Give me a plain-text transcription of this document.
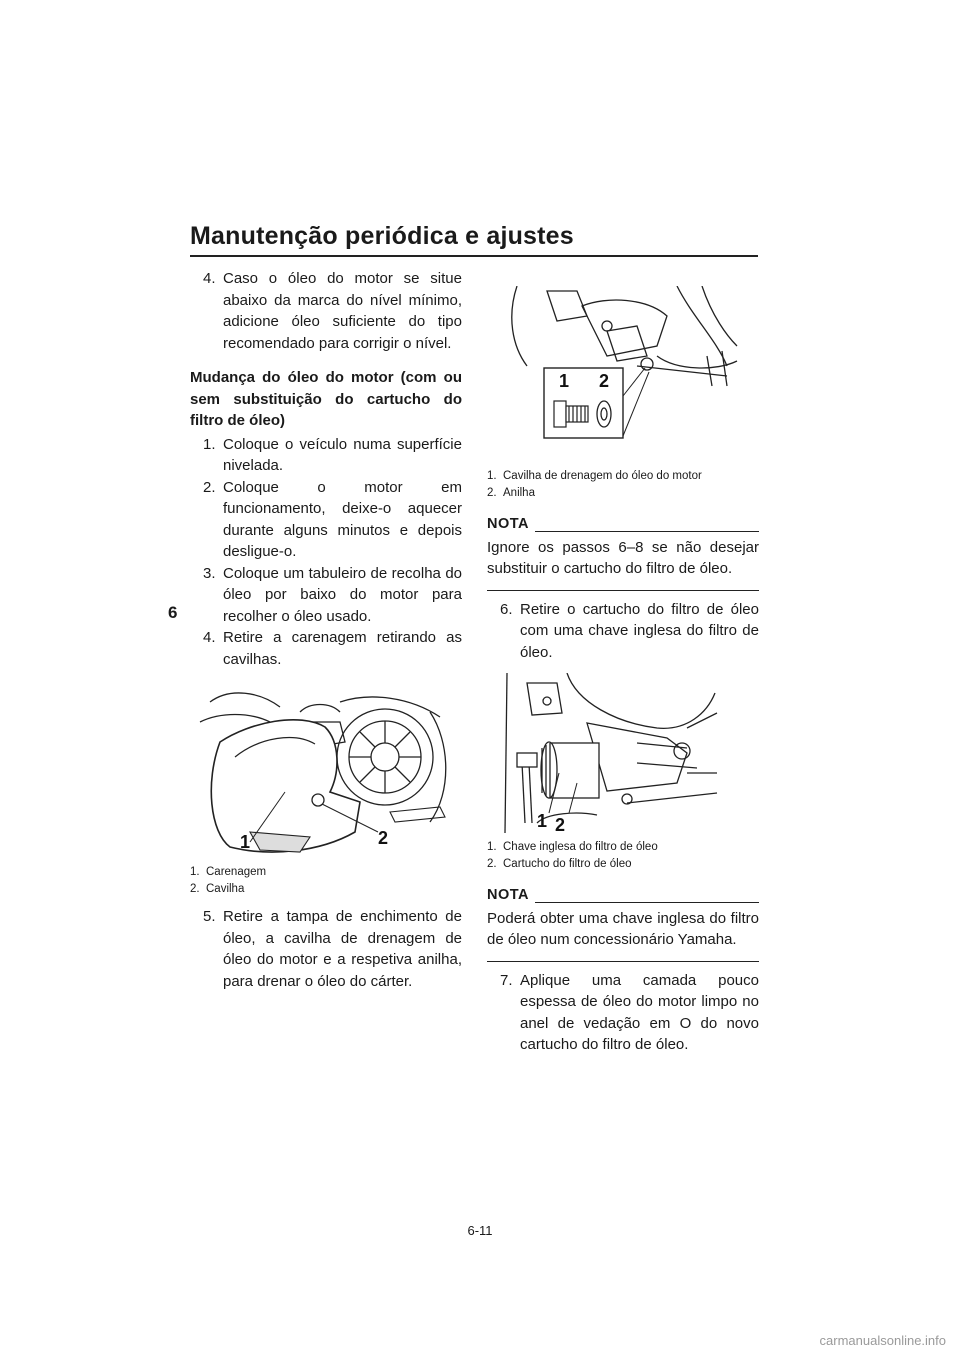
Manutenção periódica e ajustes
6
4. Caso o óleo do motor se situe abaixo da marca do nível mínimo, adicione óleo suficiente do tipo recomendado para corrigir o nível.
Mudança do óleo do motor (com ou sem substituição do cartucho do filtro de óleo)
1. Coloque o veículo numa superfície nivelada.
2. Coloque o motor em funcionamento, deixe-o aquecer durante alguns minutos e depois desligue-o.
3. Coloque um tabuleiro de recolha do óleo por baixo do motor para recolher o óleo usado.
4. Retire a carenagem retirando as cavilhas.
1	2
1. Carenagem
2. Cavilha
5. Retire a tampa de enchimento de óleo, a cavilha de drenagem de óleo do motor e a respetiva anilha, para drenar o óleo do cárter.
1 2
1. Cavilha de drenagem do óleo do motor
2. Anilha
NOTA
Ignore os passos 6–8 se não desejar substituir o cartucho do filtro de óleo.
6. Retire o cartucho do filtro de óleo com uma chave inglesa do filtro de óleo.
1 2
1. Chave inglesa do filtro de óleo
2. Cartucho do filtro de óleo
NOTA
Poderá obter uma chave inglesa do filtro de óleo num concessionário Yamaha.
7. Aplique uma camada pouco espessa de óleo do motor limpo no anel de vedação em O do novo cartucho do filtro de óleo.
6-11
carmanualsonline.info
